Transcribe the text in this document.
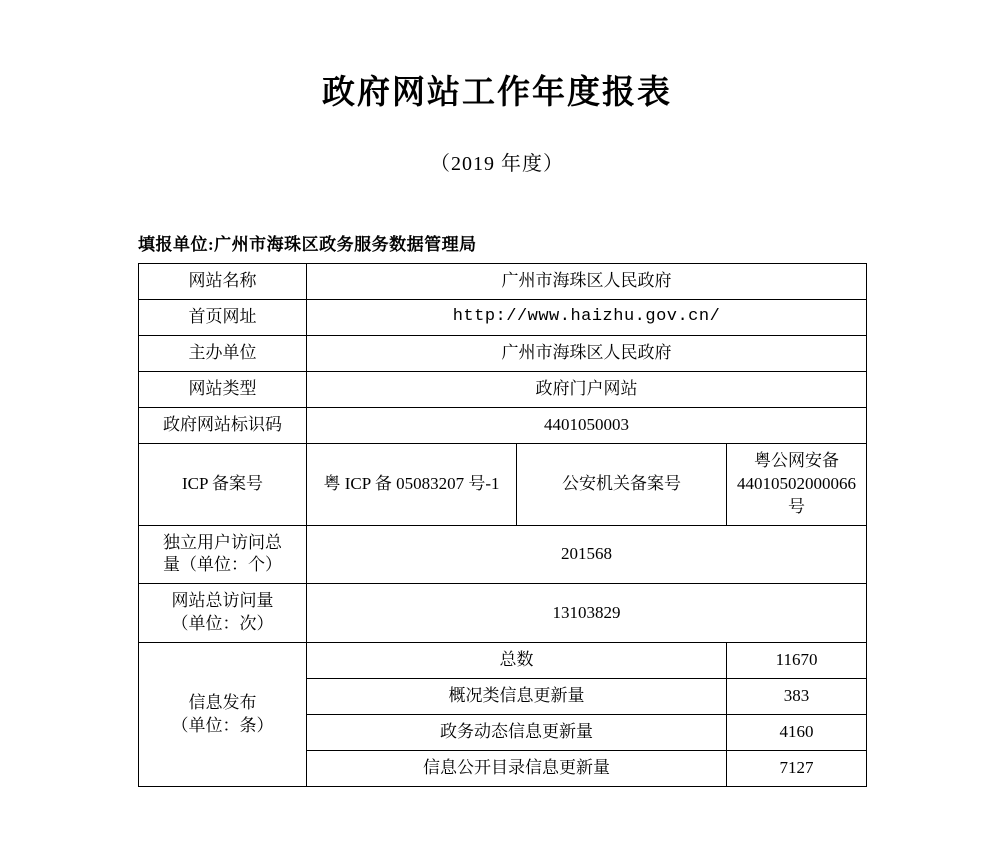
政府网站工作年度报表
（2019 年度）
填报单位:广州市海珠区政务服务数据管理局
网站名称	广州市海珠区人民政府		
首页网址	http://www.haizhu.gov.cn/		
主办单位	广州市海珠区人民政府		
网站类型	政府门户网站		
政府网站标识码	4401050003		
ICP 备案号	粤 ICP 备 05083207 号-1	公安机关备案号	粤公网安备 44010502000066 号
独立用户访问总
量（单位：个）	201568		
网站总访问量
（单位：次）	13103829		
信息发布
（单位：条）	总数		11670
	概况类信息更新量		383
	政务动态信息更新量		4160
	信息公开目录信息更新量		7127
